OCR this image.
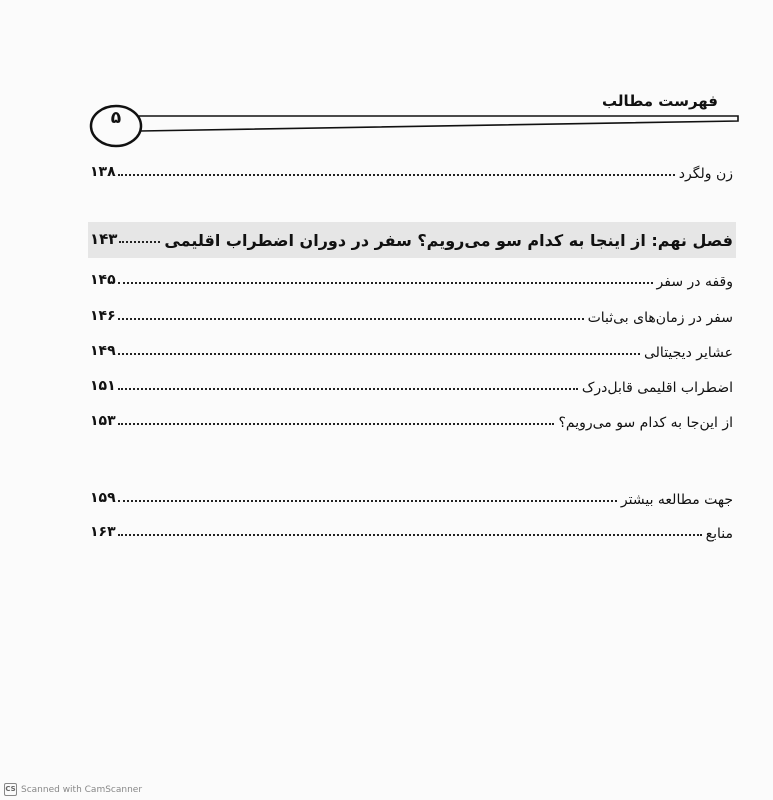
فهرست مطالب
۵
۱۳۸	زن ولگرد
۱۴۳	فصل نهم: از اینجا به کدام سو می‌رویم؟ سفر در دوران اضطراب اقلیمی
۱۴۵	وقفه در سفر
۱۴۶	سفر در زمان‌های بی‌ثبات
۱۴۹	عشایر دیجیتالی
۱۵۱	اضطراب اقلیمی قابل‌درک
۱۵۳	از این‌جا به کدام سو می‌رویم؟
۱۵۹	جهت مطالعه بیشتر
۱۶۳	منابع
CS Scanned with CamScanner
